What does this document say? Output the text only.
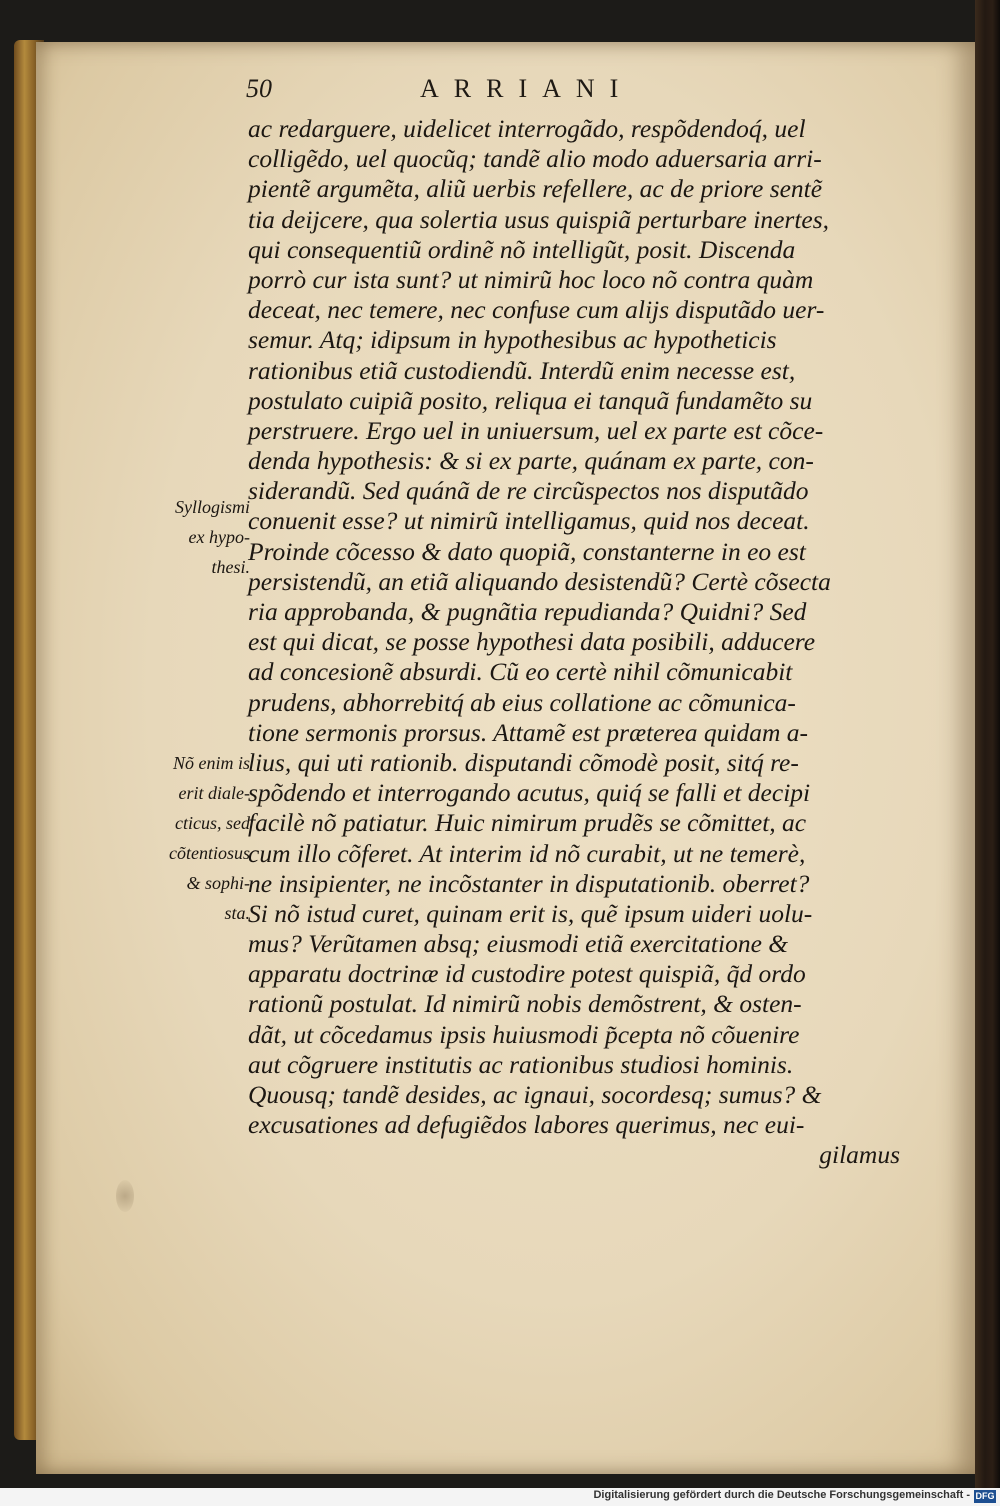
50	ARRIANI
ac redarguere, uidelicet interrogãdo, respõdendoq́, uel
colligẽdo, uel quocũq; tandẽ alio modo aduersaria arri-
pientẽ argumẽta, aliũ uerbis refellere, ac de priore sentẽ
tia deijcere, qua solertia usus quispiã perturbare inertes,
qui consequentiũ ordinẽ nõ intelligũt, posit. Discenda
porrò cur ista sunt? ut nimirũ hoc loco nõ contra quàm
deceat, nec temere, nec confuse cum alijs disputãdo uer-
semur. Atq; idipsum in hypothesibus ac hypotheticis
rationibus etiã custodiendũ. Interdũ enim necesse est,
postulato cuipiã posito, reliqua ei tanquã fundamẽto su
perstruere. Ergo uel in uniuersum, uel ex parte est cõce-
denda hypothesis: & si ex parte, quánam ex parte, con-
siderandũ. Sed quánã de re circũspectos nos disputãdo
conuenit esse? ut nimirũ intelligamus, quid nos deceat.
Proinde cõcesso & dato quopiã, constanterne in eo est
persistendũ, an etiã aliquando desistendũ? Certè cõsecta
ria approbanda, & pugnãtia repudianda? Quidni? Sed
est qui dicat, se posse hypothesi data posibili, adducere
ad concesionẽ absurdi. Cũ eo certè nihil cõmunicabit
prudens, abhorrebitq́ ab eius collatione ac cõmunica-
tione sermonis prorsus. Attamẽ est præterea quidam a-
lius, qui uti rationib. disputandi cõmodè posit, sitq́ re-
spõdendo et interrogando acutus, quiq́ se falli et decipi
facilè nõ patiatur. Huic nimirum prudẽs se cõmittet, ac
cum illo cõferet. At interim id nõ curabit, ut ne temerè,
ne insipienter, ne incõstanter in disputationib. oberret?
Si nõ istud curet, quinam erit is, quẽ ipsum uideri uolu-
mus? Verũtamen absq; eiusmodi etiã exercitatione &
apparatu doctrinæ id custodire potest quispiã, q̃d ordo
rationũ postulat. Id nimirũ nobis demõstrent, & osten-
dãt, ut cõcedamus ipsis huiusmodi p̃cepta nõ cõuenire
aut cõgruere institutis ac rationibus studiosi hominis.
Quousq; tandẽ desides, ac ignaui, socordesq; sumus? &
excusationes ad defugiẽdos labores querimus, nec eui-
gilamus
Syllogismi
ex hypo-
thesi.
Nõ enim is
erit diale-
cticus, sed
cõtentiosus
& sophi-
sta.
Digitalisierung gefördert durch die Deutsche Forschungsgemeinschaft - DFG
